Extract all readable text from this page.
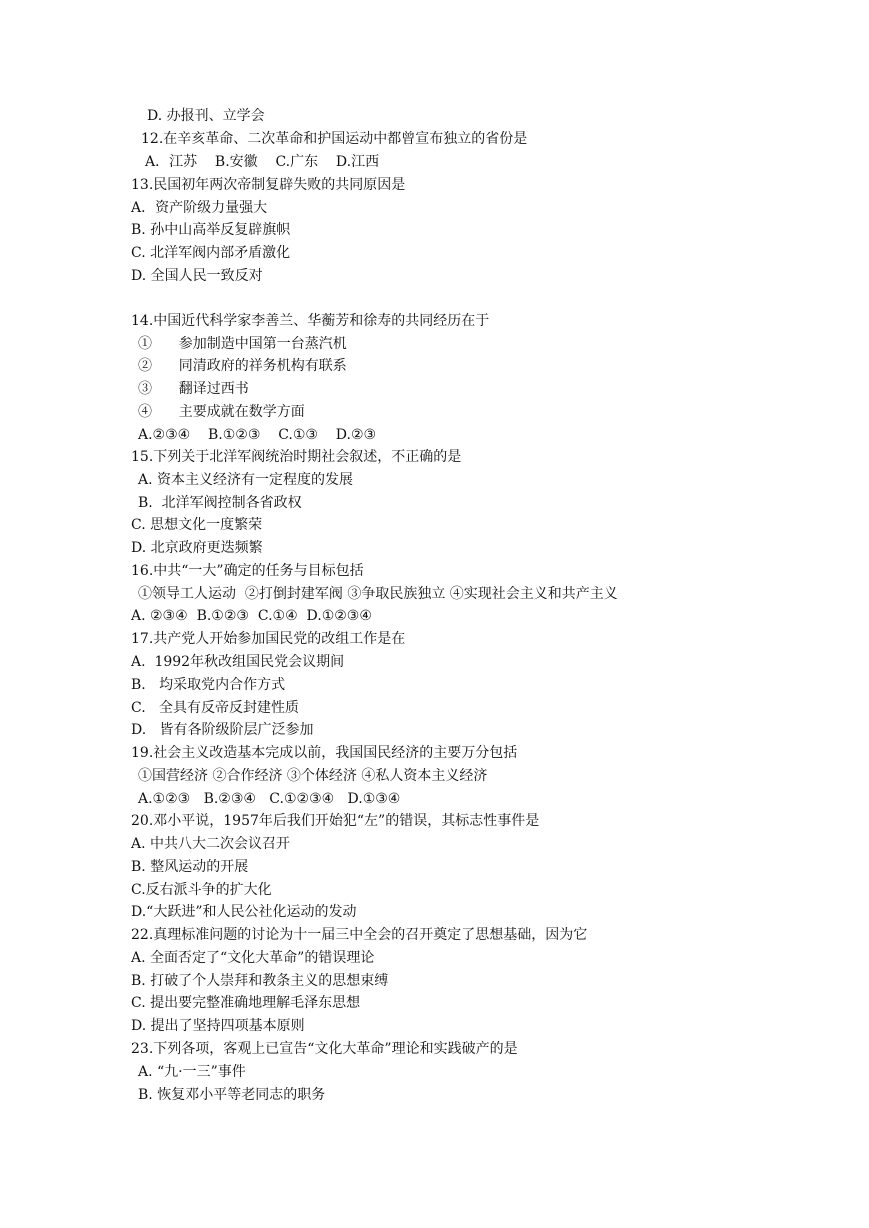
D. 办报刊、立学会
12.在辛亥革命、二次革命和护国运动中都曾宣布独立的省份是
A．江苏    B.安徽    C.广东    D.江西
13.民国初年两次帝制复辟失败的共同原因是
A．资产阶级力量强大
B. 孙中山高举反复辟旗帜
C. 北洋军阀内部矛盾激化
D. 全国人民一致反对
14.中国近代科学家李善兰、华蘅芳和徐寿的共同经历在于
①      参加制造中国第一台蒸汽机
②      同清政府的祥务机构有联系
③      翻译过西书
④      主要成就在数学方面
A.②③④    B.①②③    C.①③    D.②③
15.下列关于北洋军阀统治时期社会叙述，不正确的是
A. 资本主义经济有一定程度的发展
B.  北洋军阀控制各省政权
C. 思想文化一度繁荣
D. 北京政府更迭频繁
16.中共“一大”确定的任务与目标包括
①领导工人运动  ②打倒封建军阀 ③争取民族独立 ④实现社会主义和共产主义
A. ②③④  B.①②③  C.①④  D.①②③④
17.共产党人开始参加国民党的改组工作是在
A.  1992年秋改组国民党会议期间
B.   均采取党内合作方式
C.   全具有反帝反封建性质
D.   皆有各阶级阶层广泛参加
19.社会主义改造基本完成以前，我国国民经济的主要万分包括
①国营经济 ②合作经济 ③个体经济 ④私人资本主义经济
A.①②③   B.②③④   C.①②③④   D.①③④
20.邓小平说，1957年后我们开始犯“左”的错误，其标志性事件是
A. 中共八大二次会议召开
B. 整风运动的开展
C.反右派斗争的扩大化
D.“大跃进”和人民公社化运动的发动
22.真理标准问题的讨论为十一届三中全会的召开奠定了思想基础，因为它
A. 全面否定了“文化大革命”的错误理论
B. 打破了个人崇拜和教条主义的思想束缚
C. 提出要完整准确地理解毛泽东思想
D. 提出了坚持四项基本原则
23.下列各项，客观上已宣告“文化大革命”理论和实践破产的是
A. “九·一三”事件
B. 恢复邓小平等老同志的职务
